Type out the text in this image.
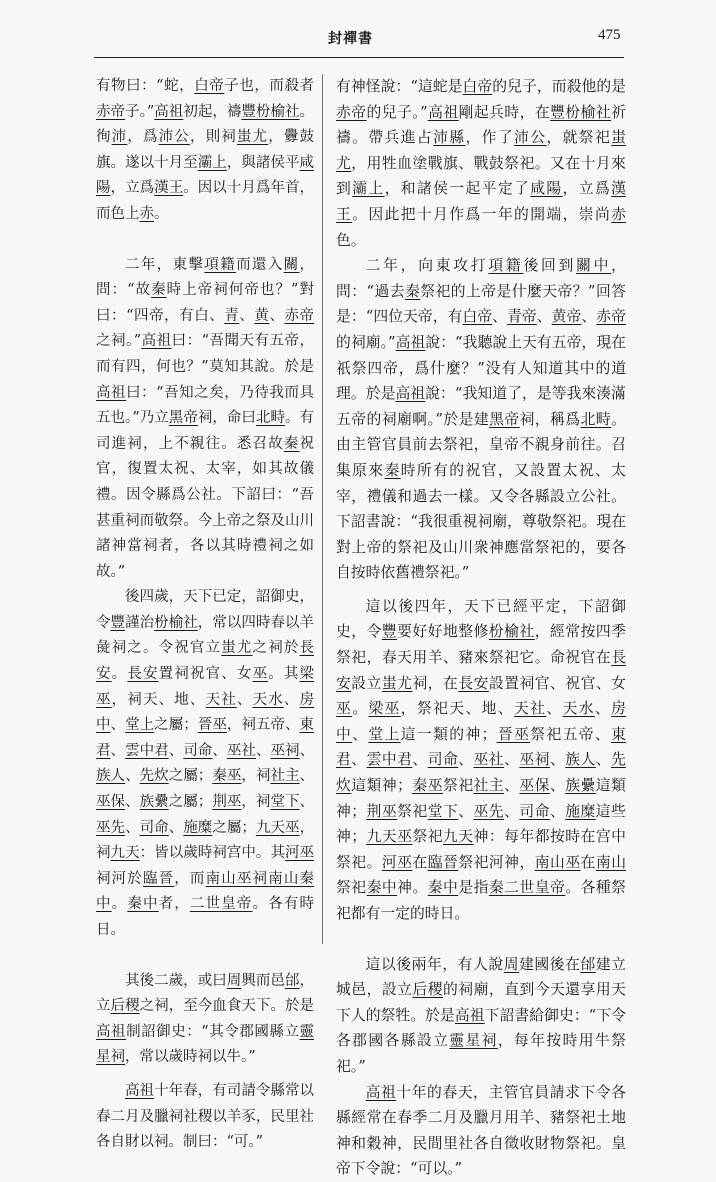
封禪書	475

有物曰：“蛇，白帝子也，而殺者赤帝子。”高祖初起，禱豐枌榆社。徇沛，爲沛公，則祠蚩尤，釁鼓旗。遂以十月至灞上，與諸侯平咸陽，立爲漢王。因以十月爲年首，而色上赤。

二年，東擊項籍而還入關，問：“故秦時上帝祠何帝也？”對曰：“四帝，有白、青、黄、赤帝之祠。”高祖曰：“吾聞天有五帝，而有四，何也？”莫知其說。於是高祖曰：“吾知之矣，乃待我而具五也。”乃立黑帝祠，命曰北畤。有司進祠，上不親往。悉召故秦祝官，復置太祝、太宰，如其故儀禮。因令縣爲公社。下詔曰：“吾甚重祠而敬祭。今上帝之祭及山川諸神當祠者，各以其時禮祠之如故。”

後四歲，天下已定，詔御史，令豐謹治枌榆社，常以四時春以羊彘祠之。令祝官立蚩尤之祠於長安。長安置祠祝官、女巫。其梁巫，祠天、地、天社、天水、房中、堂上之屬；晉巫，祠五帝、東君、雲中君、司命、巫社、巫祠、族人、先炊之屬；秦巫，祠社主、巫保、族纍之屬；荆巫，祠堂下、巫先、司命、施糜之屬；九天巫，祠九天：皆以歲時祠宫中。其河巫祠河於臨晉，而南山巫祠南山秦中。秦中者，二世皇帝。各有時日。

其後二歲，或曰周興而邑邰，立后稷之祠，至今血食天下。於是高祖制詔御史：“其令郡國縣立靈星祠，常以歲時祠以牛。”

高祖十年春，有司請令縣常以春二月及臘祠社稷以羊豕，民里社各自財以祠。制曰：“可。”

有神怪說：“這蛇是白帝的兒子，而殺他的是赤帝的兒子。”高祖剛起兵時，在豐枌榆社祈禱。帶兵進占沛縣，作了沛公，就祭祀蚩尤，用牲血塗戰旗、戰鼓祭祀。又在十月來到灞上，和諸侯一起平定了咸陽，立爲漢王。因此把十月作爲一年的開端，崇尚赤色。

二年，向東攻打項籍後回到關中，問：“過去秦祭祀的上帝是什麼天帝？”回答是：“四位天帝，有白帝、青帝、黄帝、赤帝的祠廟。”高祖說：“我聽說上天有五帝，現在祇祭四帝，爲什麼？”没有人知道其中的道理。於是高祖說：“我知道了，是等我來湊滿五帝的祠廟啊。”於是建黑帝祠，稱爲北畤。由主管官員前去祭祀，皇帝不親身前往。召集原來秦時所有的祝官，又設置太祝、太宰，禮儀和過去一樣。又令各縣設立公社。下詔書說：“我很重視祠廟，尊敬祭祀。現在對上帝的祭祀及山川衆神應當祭祀的，要各自按時依舊禮祭祀。”

這以後四年，天下已經平定，下詔御史，令豐要好好地整修枌榆社，經常按四季祭祀，春天用羊、豬來祭祀它。命祝官在長安設立蚩尤祠，在長安設置祠官、祝官、女巫。梁巫，祭祀天、地、天社、天水、房中、堂上這一類的神；晉巫祭祀五帝、東君、雲中君、司命、巫社、巫祠、族人、先炊這類神；秦巫祭祀社主、巫保、族纍這類神；荆巫祭祀堂下、巫先、司命、施糜這些神；九天巫祭祀九天神：每年都按時在宫中祭祀。河巫在臨晉祭祀河神，南山巫在南山祭祀秦中神。秦中是指秦二世皇帝。各種祭祀都有一定的時日。

這以後兩年，有人說周建國後在邰建立城邑，設立后稷的祠廟，直到今天還享用天下人的祭牲。於是高祖下詔書給御史：“下令各郡國各縣設立靈星祠，每年按時用牛祭祀。”

高祖十年的春天，主管官員請求下令各縣經常在春季二月及臘月用羊、豬祭祀土地神和穀神，民間里社各自徵收財物祭祀。皇帝下令說：“可以。”
